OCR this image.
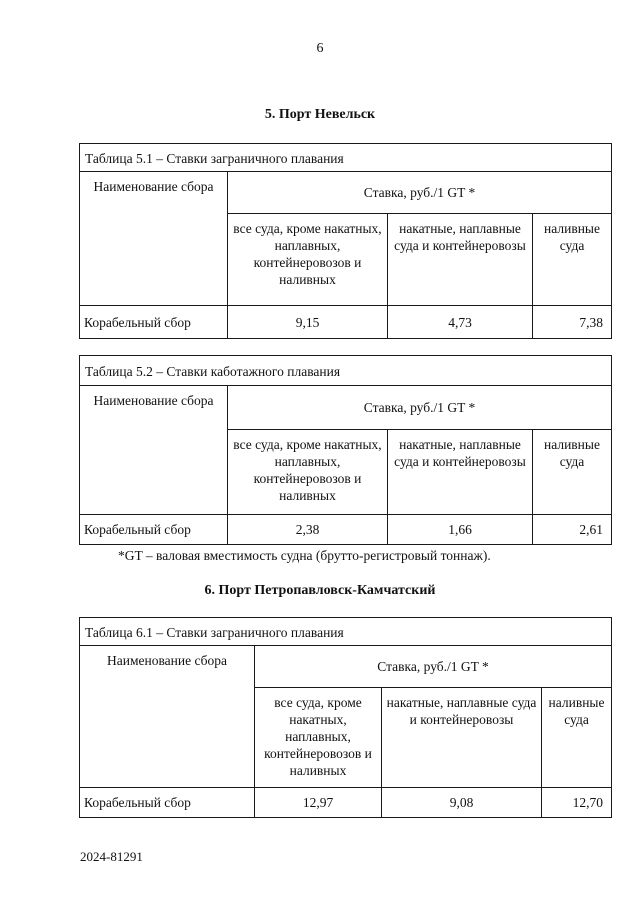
6
5. Порт Невельск
Таблица 5.1 – Ставки заграничного плавания			
Наименование сбора	Ставка, руб./1 GT *		
	все суда, кроме накатных, наплавных, контейнеровозов и наливных	накатные, наплавные суда и контейнеровозы	наливные суда
Корабельный сбор	9,15	4,73	7,38
Таблица 5.2 – Ставки каботажного плавания			
Наименование сбора	Ставка, руб./1 GT *		
	все суда, кроме накатных, наплавных, контейнеровозов и наливных	накатные, наплавные суда и контейнеровозы	наливные суда
Корабельный сбор	2,38	1,66	2,61
*GT – валовая вместимость судна (брутто-регистровый тоннаж).
6. Порт Петропавловск-Камчатский
Таблица 6.1 – Ставки заграничного плавания			
Наименование сбора	Ставка, руб./1 GT *		
	все суда, кроме накатных, наплавных, контейнеровозов и наливных	накатные, наплавные суда и контейнеровозы	наливные суда
Корабельный сбор	12,97	9,08	12,70
2024-81291
